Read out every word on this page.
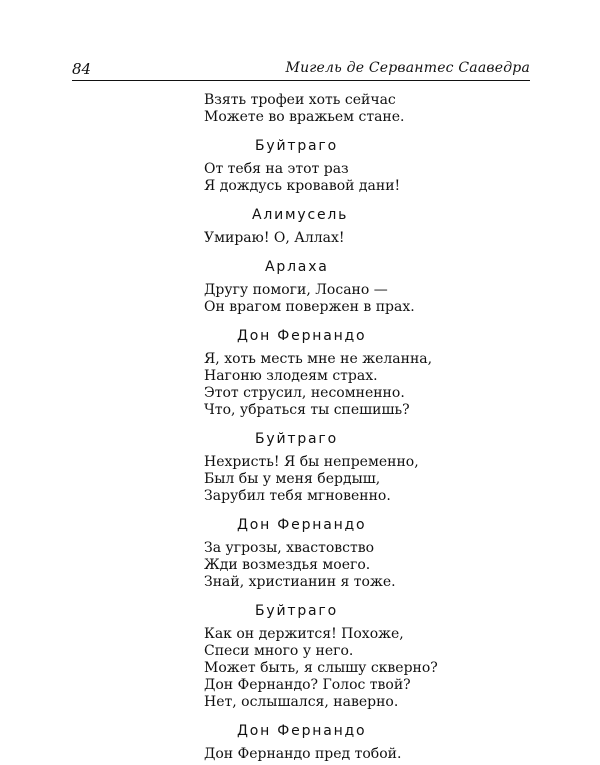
84	Мигель де Сервантес Сааведра
Взять трофеи хоть сейчас
Можете во вражьем стане.
Буйтраго
От тебя на этот раз
Я дождусь кровавой дани!
Алимусель
Умираю! О, Аллах!
Арлаха
Другу помоги, Лосано —
Он врагом повержен в прах.
Дон Фернандо
Я, хоть месть мне не желанна,
Нагоню злодеям страх.
Этот струсил, несомненно.
Что, убраться ты спешишь?
Буйтраго
Нехристь! Я бы непременно,
Был бы у меня бердыш,
Зарубил тебя мгновенно.
Дон Фернандо
За угрозы, хвастовство
Жди возмездья моего.
Знай, христианин я тоже.
Буйтраго
Как он держится! Похоже,
Спеси много у него.
Может быть, я слышу скверно?
Дон Фернандо? Голос твой?
Нет, ослышался, наверно.
Дон Фернандо
Дон Фернандо пред тобой.
